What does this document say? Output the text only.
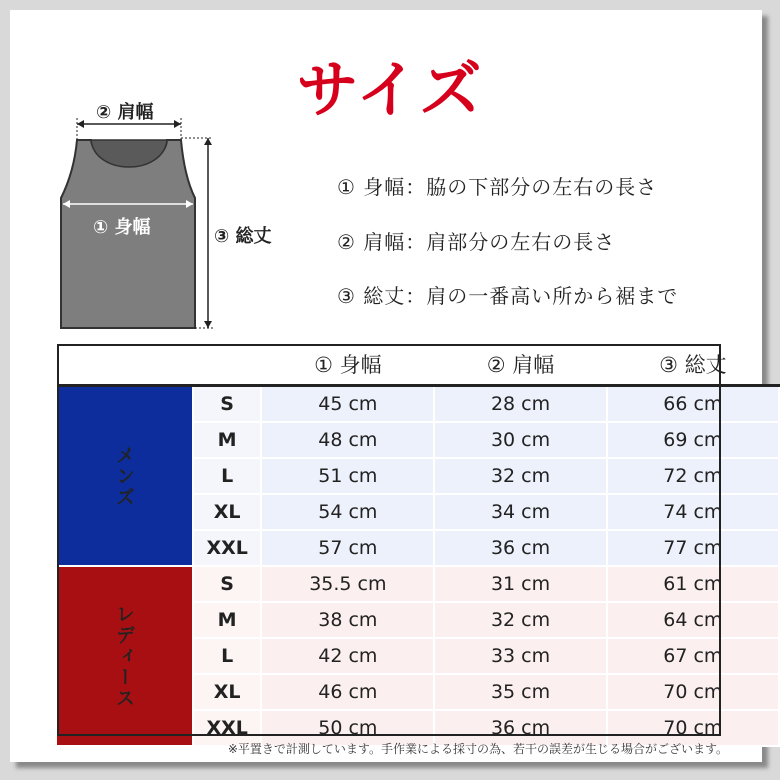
サイズ
② 肩幅
① 身幅	③ 総丈
① 身幅：脇の下部分の左右の長さ
② 肩幅：肩部分の左右の長さ
③ 総丈：肩の一番高い所から裾まで
		① 身幅	② 肩幅	③ 総丈
メンズ	S	45 cm	28 cm	66 cm
	M	48 cm	30 cm	69 cm
	L	51 cm	32 cm	72 cm
	XL	54 cm	34 cm	74 cm
	XXL	57 cm	36 cm	77 cm
レディース	S	35.5 cm	31 cm	61 cm
	M	38 cm	32 cm	64 cm
	L	42 cm	33 cm	67 cm
	XL	46 cm	35 cm	70 cm
	XXL	50 cm	36 cm	70 cm
※平置きで計測しています。手作業による採寸の為、若干の誤差が生じる場合がございます。
